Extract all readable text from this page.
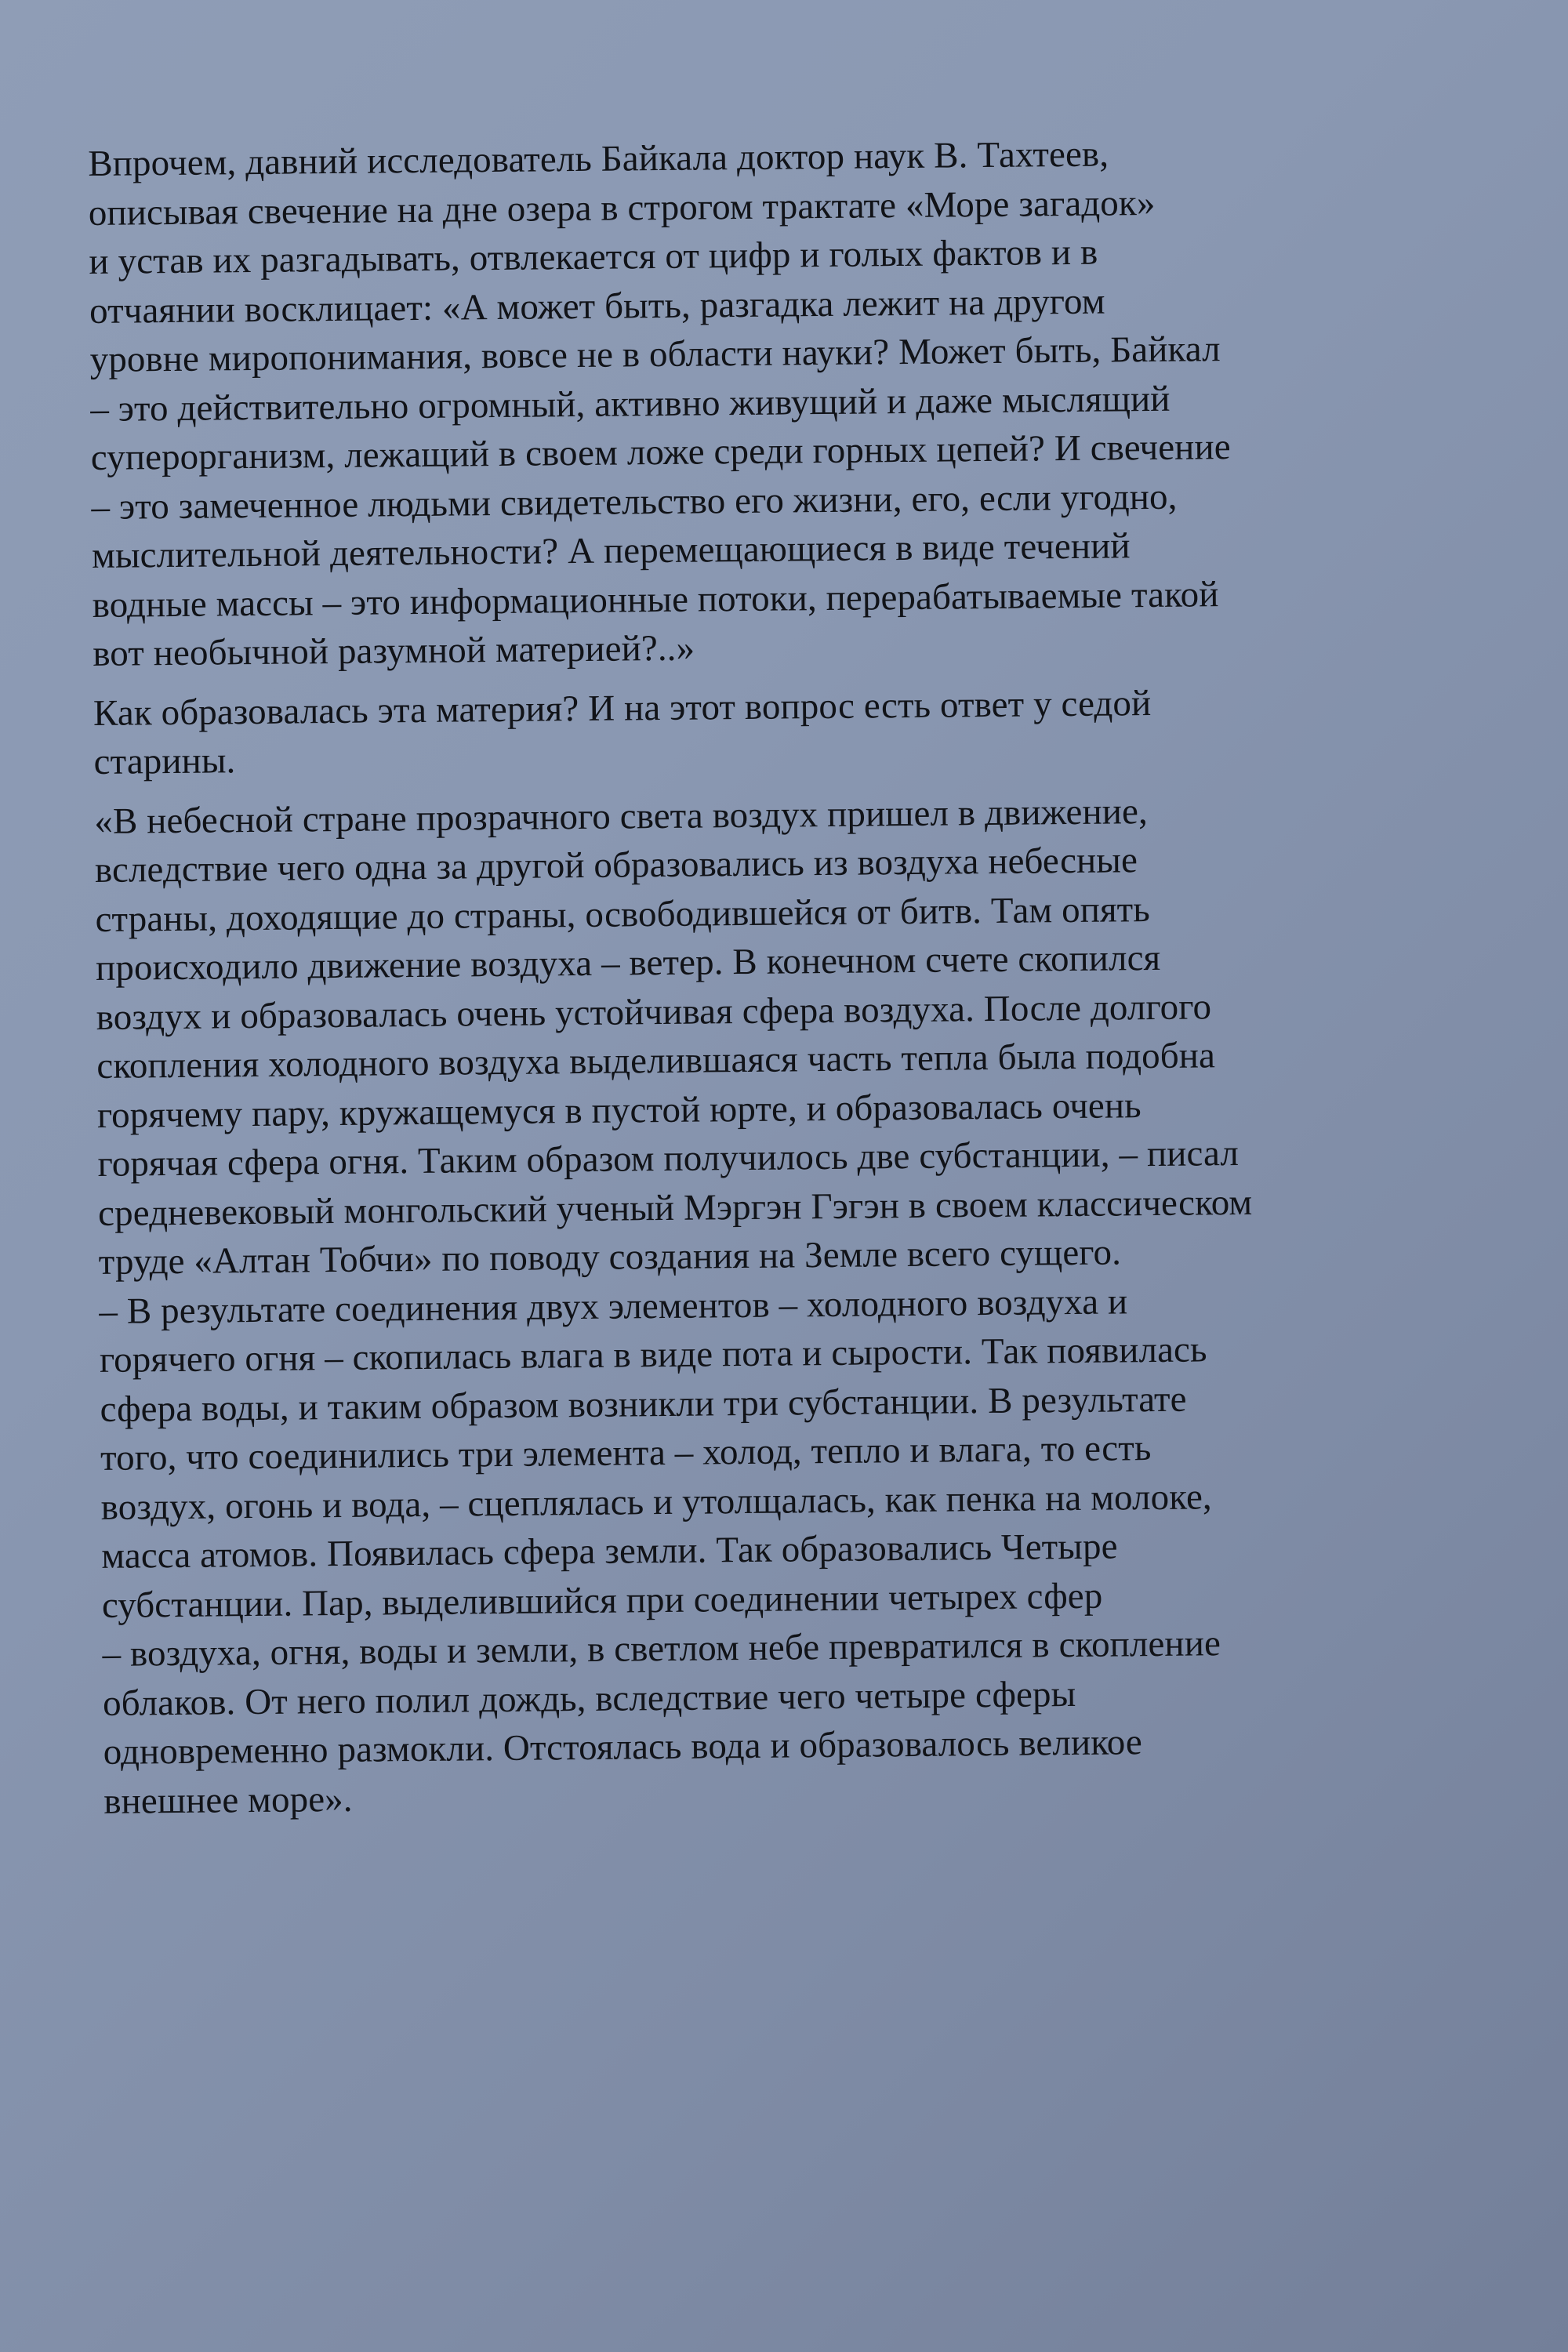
Впрочем, давний исследователь Байкала доктор наук В. Тахтеев,
описывая свечение на дне озера в строгом трактате «Море загадок»
и устав их разгадывать, отвлекается от цифр и голых фактов и в
отчаянии восклицает: «А может быть, разгадка лежит на другом
уровне миропонимания, вовсе не в области науки? Может быть, Байкал
– это действительно огромный, активно живущий и даже мыслящий
суперорганизм, лежащий в своем ложе среди горных цепей? И свечение
– это замеченное людьми свидетельство его жизни, его, если угодно,
мыслительной деятельности? А перемещающиеся в виде течений
водные массы – это информационные потоки, перерабатываемые такой
вот необычной разумной материей?..»
Как образовалась эта материя? И на этот вопрос есть ответ у седой
старины.
«В небесной стране прозрачного света воздух пришел в движение,
вследствие чего одна за другой образовались из воздуха небесные
страны, доходящие до страны, освободившейся от битв. Там опять
происходило движение воздуха – ветер. В конечном счете скопился
воздух и образовалась очень устойчивая сфера воздуха. После долгого
скопления холодного воздуха выделившаяся часть тепла была подобна
горячему пару, кружащемуся в пустой юрте, и образовалась очень
горячая сфера огня. Таким образом получилось две субстанции, – писал
средневековый монгольский ученый Мэргэн Гэгэн в своем классическом
труде «Алтан Тобчи» по поводу создания на Земле всего сущего.
– В результате соединения двух элементов – холодного воздуха и
горячего огня – скопилась влага в виде пота и сырости. Так появилась
сфера воды, и таким образом возникли три субстанции. В результате
того, что соединились три элемента – холод, тепло и влага, то есть
воздух, огонь и вода, – сцеплялась и утолщалась, как пенка на молоке,
масса атомов. Появилась сфера земли. Так образовались Четыре
субстанции. Пар, выделившийся при соединении четырех сфер
– воздуха, огня, воды и земли, в светлом небе превратился в скопление
облаков. От него полил дождь, вследствие чего четыре сферы
одновременно размокли. Отстоялась вода и образовалось великое
внешнее море».
